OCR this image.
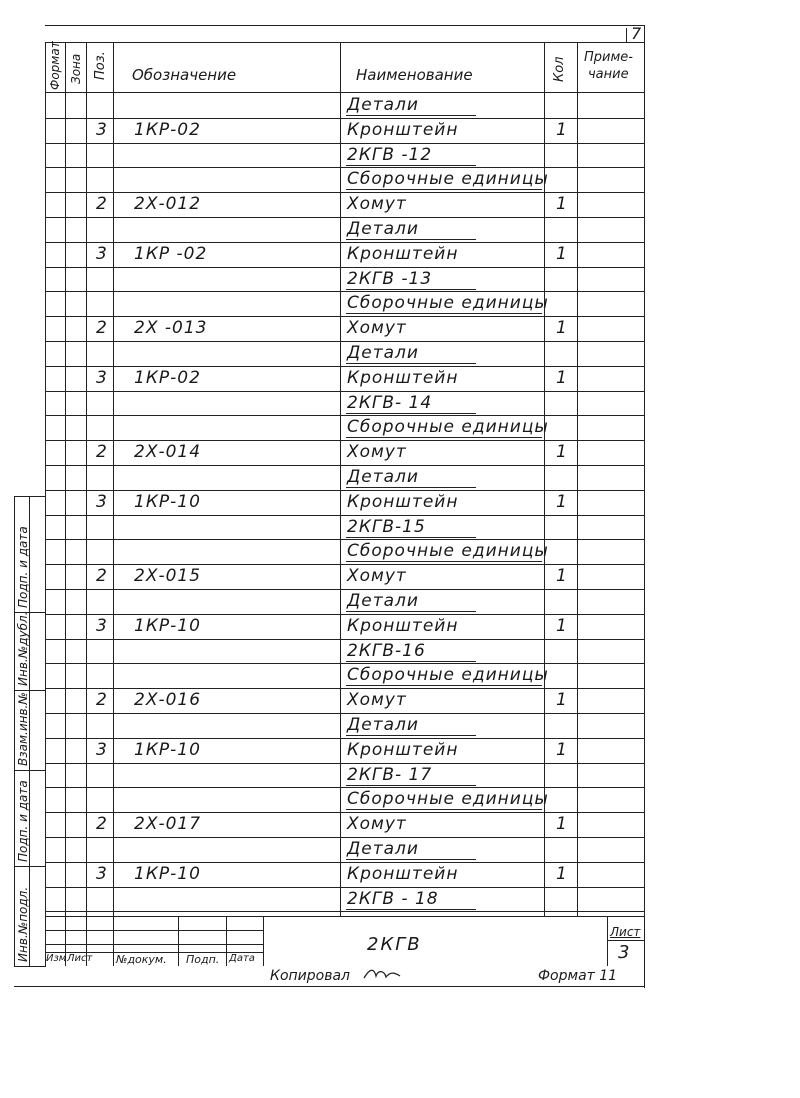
7
Формат Зона Поз. Обозначение	Наименование	Кол Приме-
чание
Детали
3 1КР-02	Кронштейн	1
2КГВ -12
Сборочные единицы
2 2Х-012	Хомут	1
Детали
3 1КР -02	Кронштейн	1
2КГВ -13
Сборочные единицы
2 2Х -013	Хомут	1
Детали
3 1КР-02	Кронштейн	1
2КГВ- 14
Сборочные единицы
2 2Х-014	Хомут	1
Детали
3 1КР-10	Кронштейн	1
2КГВ-15
Сборочные единицы
2 2Х-015	Хомут	1
Детали
3 1КР-10	Кронштейн	1
2КГВ-16
Сборочные единицы
2 2Х-016	Хомут	1
Детали
3 1КР-10	Кронштейн	1
2КГВ- 17
Сборочные единицы
2 2Х-017	Хомут	1
Детали
3 1КР-10	Кронштейн	1
2КГВ - 18
Подп. и дата
Инв.№дубл.
Взам.инв.№
Подп. и дата
Инв.№подл.	2КГВ
Лист
3
Изм Лист №докум. Подп. Дата
Копировал	Формат 11
